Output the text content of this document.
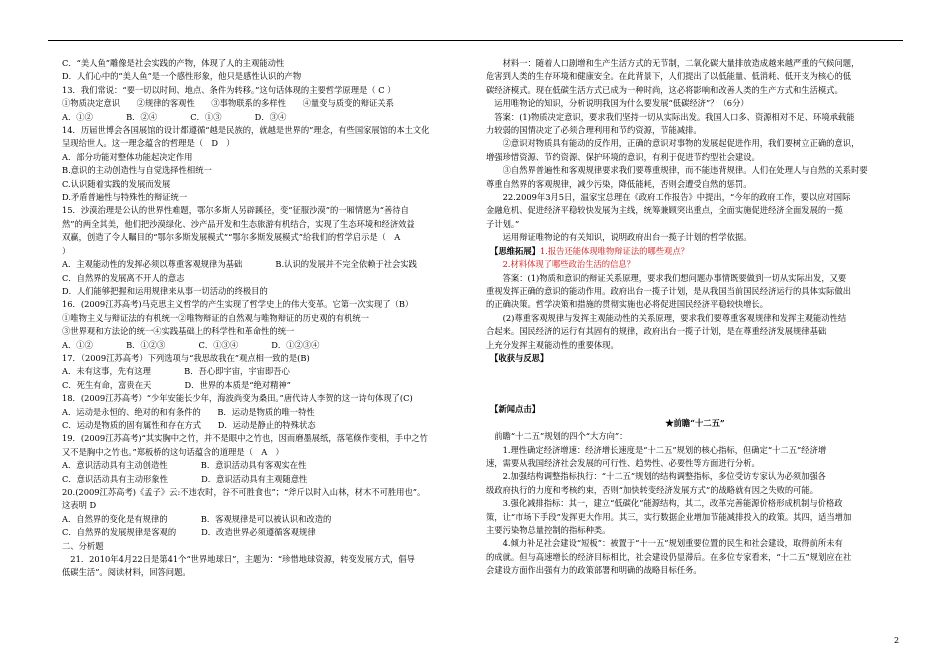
C．“美人鱼”雕像是社会实践的产物，体现了人的主观能动性

D．人们心中的“美人鱼”是一个感性形象，他只是感性认识的产物

13．我们常说：“要一切以时间、地点、条件为转移。”这句话体现的主要哲学原理是（ C ）

①物质决定意识　　②规律的客观性　　③事物联系的多样性　　④量变与质变的辩证关系

A．①②　　　　B．②④　　　　C．①③　　　　D．③④

14．历届世博会各国展馆的设计都遵循“越是民族的，就越是世界的”理念，有些国家展馆的本土文化

呈现给世人。这一理念蕴含的哲理是（　D　）

A．部分功能对整体功能起决定作用

B.意识的主动创造性与自觉选择性相统一

C.认识随着实践的发展而发展

D.矛盾普遍性与特殊性的辩证统一

15．沙漠治理是公认的世界性难题，鄂尔多斯人另辟蹊径，变“征服沙漠”的一厢情愿为“善待自

然”的两全其美，他们把沙漠绿化、沙产品开发和生态旅游有机结合，实现了生态环境和经济效益

双赢，创造了令人瞩目的“鄂尔多斯发展模式”“鄂尔多斯发展模式”给我们的哲学启示是（　A

）

A．主观能动性的发挥必须以尊重客观规律为基础　　　　B.认识的发展并不完全依赖于社会实践

C．自然界的发展离不开人的意志

D．人们能够把握和运用规律来从事一切活动的终极目的

16．(2009江苏高考)马克思主义哲学的产生实现了哲学史上的伟大变革。它第一次实现了（B）

①唯物主义与辩证法的有机统一②唯物辩证的自然观与唯物辩证的历史观的有机统一

③世界观和方法论的统一④实践基础上的科学性和革命性的统一

A．①②　　　　B．①②③　　　　C．①③④　　　　D．①②③④

17．（2009江苏高考）下列选项与“我思故我在”观点相一致的是(B)

A．未有这事，先有这理　　　　B．吾心即宇宙，宇宙即吾心

C．死生有命，富贵在天　　　　D．世界的本质是“绝对精神”

18．(2009江苏高考）“少年安能长少年，海波尚变为桑田。”唐代诗人李贺的这一诗句体现了(C)

A．运动是永恒的、绝对的和有条件的　　B．运动是物质的唯一特性

C．运动是物质的固有属性和存在方式　　D．运动是静止的特殊状态

19．(2009江苏高考)“其实胸中之竹，并不是眼中之竹也，因而磨墨展纸，落笔倏作变相，手中之竹

又不是胸中之竹也。”郑板桥的这句话蕴含的道理是（　A　）

A．意识活动具有主动创造性　　　　B．意识活动具有客观实在性

C．意识活动具有主动形象性　　　　D．意识活动具有主观随意性

20.(2009江苏高考)《孟子》云:不违农时，谷不可胜食也”；“斧斤以时入山林，材木不可胜用也”。

这表明 D

A．自然界的变化是有规律的　　　　B．客观规律是可以被认识和改造的

C．自然界的发展规律是客观的　　　D．改造世界必须遵循客观规律

二、分析题

　21．2010年4月22日是第41个“世界地球日”，主题为：“珍惜地球资源，转变发展方式，倡导

低碳生活”。阅读材料，回答问题。

　　材料一：随着人口剧增和生产生活方式的无节制，二氧化碳大量排放造成越来越严重的气候问题，

危害到人类的生存环境和健康安全。在此背景下，人们提出了以低能量、低消耗、低开支为核心的低

碳经济模式。现在低碳生活方式已成为一种时尚，这必将影响和改善人类的生产方式和生活模式。

　运用唯物论的知识，分析说明我国为什么要发展“低碳经济”？（6分）

　答案：(1)物质决定意识，要求我们坚持一切从实际出发。我国人口多、资源相对不足、环境承载能

力较弱的国情决定了必须合理利用和节约资源，节能减排。

　　②意识对物质具有能动的反作用，正确的意识对事物的发展起促进作用，我们要树立正确的意识，

增强珍惜资源、节约资源、保护环境的意识，有利于促进节约型社会建设。

　　③自然界普遍性和客观规律要求我们要尊重规律，而不能违背规律。人们在处理人与自然的关系时要

尊重自然界的客观规律，减少污染，降低能耗，否则会遭受自然的惩罚。

　　22.2009年3月5日，温家宝总理在《政府工作报告》中提出，“今年的政府工作，要以应对国际

金融危机、促进经济平稳较快发展为主线，统筹兼顾突出重点，全面实施促进经济全面发展的一揽

子计划。”

　　运用辩证唯物论的有关知识，说明政府出台一揽子计划的哲学依据。

　【思维拓展】1.报告还能体现唯物辩证法的哪些观点？

　　2.材料体现了哪些政治生活的信息？

　　答案：(1)物质和意识的辩证关系原理，要求我们想问题办事情既要做到一切从实际出发，又要

重视发挥正确的意识的能动作用。政府出台一揽子计划，是从我国当前国民经济运行的具体实际做出

的正确决策。哲学决策和措施的贯彻实施也必将促进国民经济平稳较快增长。

　　(2)尊重客观规律与发挥主观能动性的关系原理，要求我们要尊重客观规律和发挥主观能动性结

合起来。国民经济的运行有其固有的规律，政府出台一揽子计划，是在尊重经济发展规律基础

上充分发挥主观能动性的重要体现。

　【收获与反思】

　【新闻点击】

★前瞻“十二五”

　前瞻“十二五”规划的四个“大方向”：

　　1.理性确定经济增速：经济增长速度是“十二五”规划的核心指标，但确定“十二五”经济增

速，需要从我国经济社会发展的可行性、趋势性、必要性等方面进行分析。

　　2.加强结构调整指标执行：“十二五”规划的结构调整指标，多位受访专家认为必须加强各

级政府执行的力度和考核约束，否则“加快转变经济发展方式”的战略就有因之失败的可能。

　　3.强化减排指标：其一，建立“低碳化”能源结构，其二，改革完善能源价格形成机制与价格政

策，让“市场下手段”发挥更大作用。其三，实行数据企业增加节能减排投入的政策。其四，适当增加

主要污染物总量控制的指标种类。

　　4.倾力补足社会建设“短板”：被置于“十一五”规划重要位置的民生和社会建设，取得前所未有

的成就。但与高速增长的经济目标相比，社会建设仍显滞后。在多位专家看来，“十二五”规划应在社

会建设方面作出强有力的政策部署和明确的战略目标任务。

2
